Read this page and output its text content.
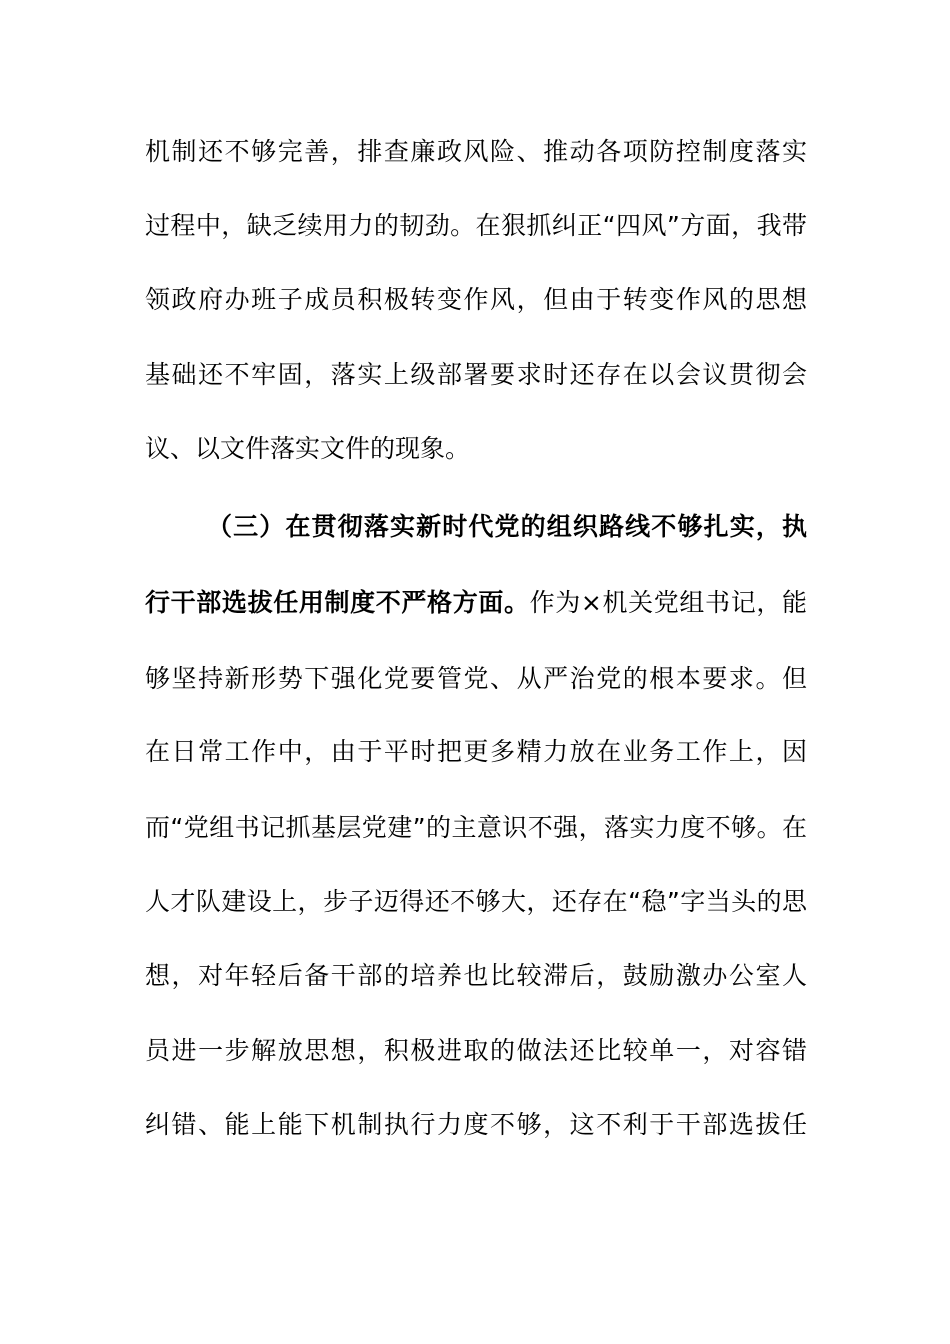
机制还不够完善，排查廉政风险、推动各项防控制度落实
过程中，缺乏续用力的韧劲。在狠抓纠正“四风”方面，我带
领政府办班子成员积极转变作风，但由于转变作风的思想
基础还不牢固，落实上级部署要求时还存在以会议贯彻会
议、以文件落实文件的现象。
（三）在贯彻落实新时代党的组织路线不够扎实，执
行干部选拔任用制度不严格方面。作为×机关党组书记，能
够坚持新形势下强化党要管党、从严治党的根本要求。但
在日常工作中，由于平时把更多精力放在业务工作上，因
而“党组书记抓基层党建”的主意识不强，落实力度不够。在
人才队建设上，步子迈得还不够大，还存在“稳”字当头的思
想，对年轻后备干部的培养也比较滞后，鼓励激办公室人
员进一步解放思想，积极进取的做法还比较单一，对容错
纠错、能上能下机制执行力度不够，这不利于干部选拔任
